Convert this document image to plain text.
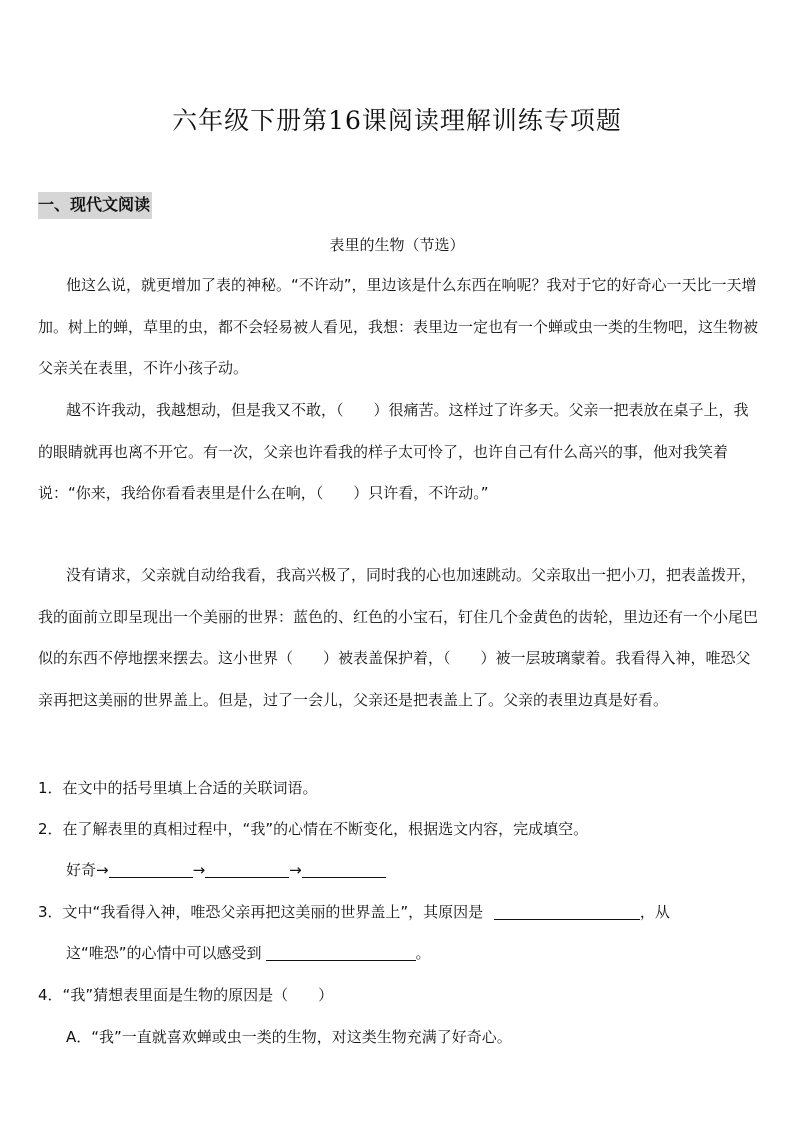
六年级下册第16课阅读理解训练专项题
一、现代文阅读
表里的生物（节选）

他这么说，就更增加了表的神秘。“不许动”，里边该是什么东西在响呢？我对于它的好奇心一天比一天增加。树上的蝉，草里的虫，都不会轻易被人看见，我想：表里边一定也有一个蝉或虫一类的生物吧，这生物被父亲关在表里，不许小孩子动。

越不许我动，我越想动，但是我又不敢，（　　）很痛苦。这样过了许多天。父亲一把表放在桌子上，我的眼睛就再也离不开它。有一次，父亲也许看我的样子太可怜了，也许自己有什么高兴的事，他对我笑着说：“你来，我给你看看表里是什么在响，（　　）只许看，不许动。”

没有请求，父亲就自动给我看，我高兴极了，同时我的心也加速跳动。父亲取出一把小刀，把表盖拨开，我的面前立即呈现出一个美丽的世界：蓝色的、红色的小宝石，钉住几个金黄色的齿轮，里边还有一个小尾巴似的东西不停地摆来摆去。这小世界（　　）被表盖保护着，（　　）被一层玻璃蒙着。我看得入神，唯恐父亲再把这美丽的世界盖上。但是，过了一会儿，父亲还是把表盖上了。父亲的表里边真是好看。

1．在文中的括号里填上合适的关联词语。
2．在了解表里的真相过程中，“我”的心情在不断变化，根据选文内容，完成填空。
好奇→	→	→
3．文中“我看得入神，唯恐父亲再把这美丽的世界盖上”，其原因是	，从
这“唯恐”的心情中可以感受到	。
4．“我”猜想表里面是生物的原因是（　　）
A．“我”一直就喜欢蝉或虫一类的生物，对这类生物充满了好奇心。
